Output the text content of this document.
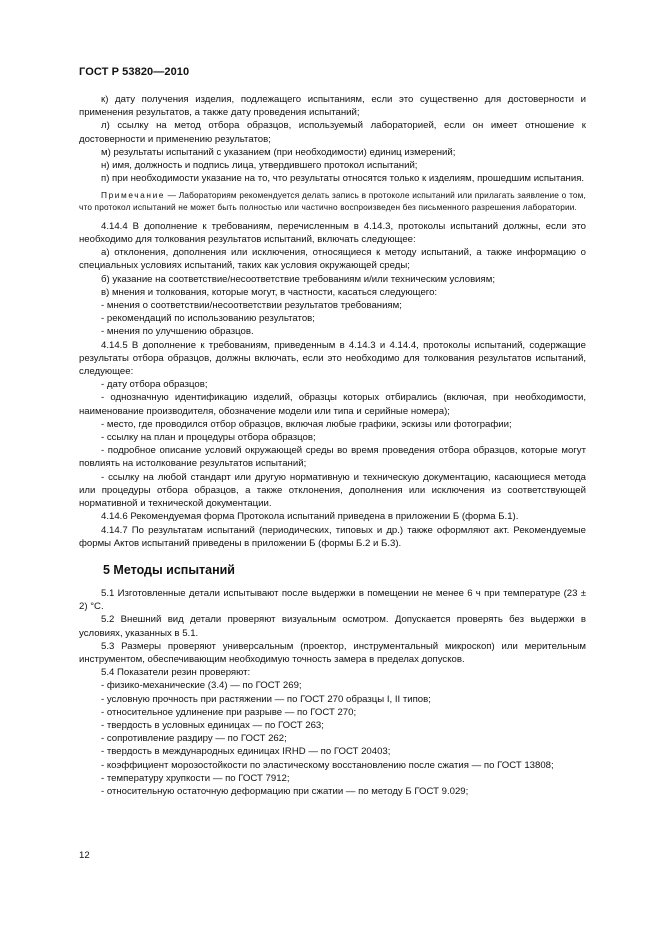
ГОСТ Р 53820—2010

к) дату получения изделия, подлежащего испытаниям, если это существенно для достоверности и применения результатов, а также дату проведения испытаний;

л) ссылку на метод отбора образцов, используемый лабораторией, если он имеет отношение к достоверности и применению результатов;

м) результаты испытаний с указанием (при необходимости) единиц измерений;

н) имя, должность и подпись лица, утвердившего протокол испытаний;

п) при необходимости указание на то, что результаты относятся только к изделиям, прошедшим испытания.

Примечание — Лабораториям рекомендуется делать запись в протоколе испытаний или прилагать заявление о том, что протокол испытаний не может быть полностью или частично воспроизведен без письменного разрешения лаборатории.

4.14.4 В дополнение к требованиям, перечисленным в 4.14.3, протоколы испытаний должны, если это необходимо для толкования результатов испытаний, включать следующее:

а) отклонения, дополнения или исключения, относящиеся к методу испытаний, а также информацию о специальных условиях испытаний, таких как условия окружающей среды;

б) указание на соответствие/несоответствие требованиям и/или техническим условиям;

в) мнения и толкования, которые могут, в частности, касаться следующего:

- мнения о соответствии/несоответствии результатов требованиям;

- рекомендаций по использованию результатов;

- мнения по улучшению образцов.

4.14.5 В дополнение к требованиям, приведенным в 4.14.3 и 4.14.4, протоколы испытаний, содержащие результаты отбора образцов, должны включать, если это необходимо для толкования результатов испытаний, следующее:

- дату отбора образцов;

- однозначную идентификацию изделий, образцы которых отбирались (включая, при необходимости, наименование производителя, обозначение модели или типа и серийные номера);

- место, где проводился отбор образцов, включая любые графики, эскизы или фотографии;

- ссылку на план и процедуры отбора образцов;

- подробное описание условий окружающей среды во время проведения отбора образцов, которые могут повлиять на истолкование результатов испытаний;

- ссылку на любой стандарт или другую нормативную и техническую документацию, касающиеся метода или процедуры отбора образцов, а также отклонения, дополнения или исключения из соответствующей нормативной и технической документации.

4.14.6 Рекомендуемая форма Протокола испытаний приведена в приложении Б (форма Б.1).

4.14.7 По результатам испытаний (периодических, типовых и др.) также оформляют акт. Рекомендуемые формы Актов испытаний приведены в приложении Б (формы Б.2 и Б.3).

5 Методы испытаний

5.1 Изготовленные детали испытывают после выдержки в помещении не менее 6 ч при температуре (23 ± 2) °С.

5.2 Внешний вид детали проверяют визуальным осмотром. Допускается проверять без выдержки в условиях, указанных в 5.1.

5.3 Размеры проверяют универсальным (проектор, инструментальный микроскоп) или мерительным инструментом, обеспечивающим необходимую точность замера в пределах допусков.

5.4 Показатели резин проверяют:

- физико-механические (3.4) — по ГОСТ 269;

- условную прочность при растяжении — по ГОСТ 270 образцы I, II типов;

- относительное удлинение при разрыве — по ГОСТ 270;

- твердость в условных единицах — по ГОСТ 263;

- сопротивление раздиру — по ГОСТ 262;

- твердость в международных единицах IRHD — по ГОСТ 20403;

- коэффициент морозостойкости по эластическому восстановлению после сжатия — по ГОСТ 13808;

- температуру хрупкости — по ГОСТ 7912;

- относительную остаточную деформацию при сжатии — по методу Б ГОСТ 9.029;

12
